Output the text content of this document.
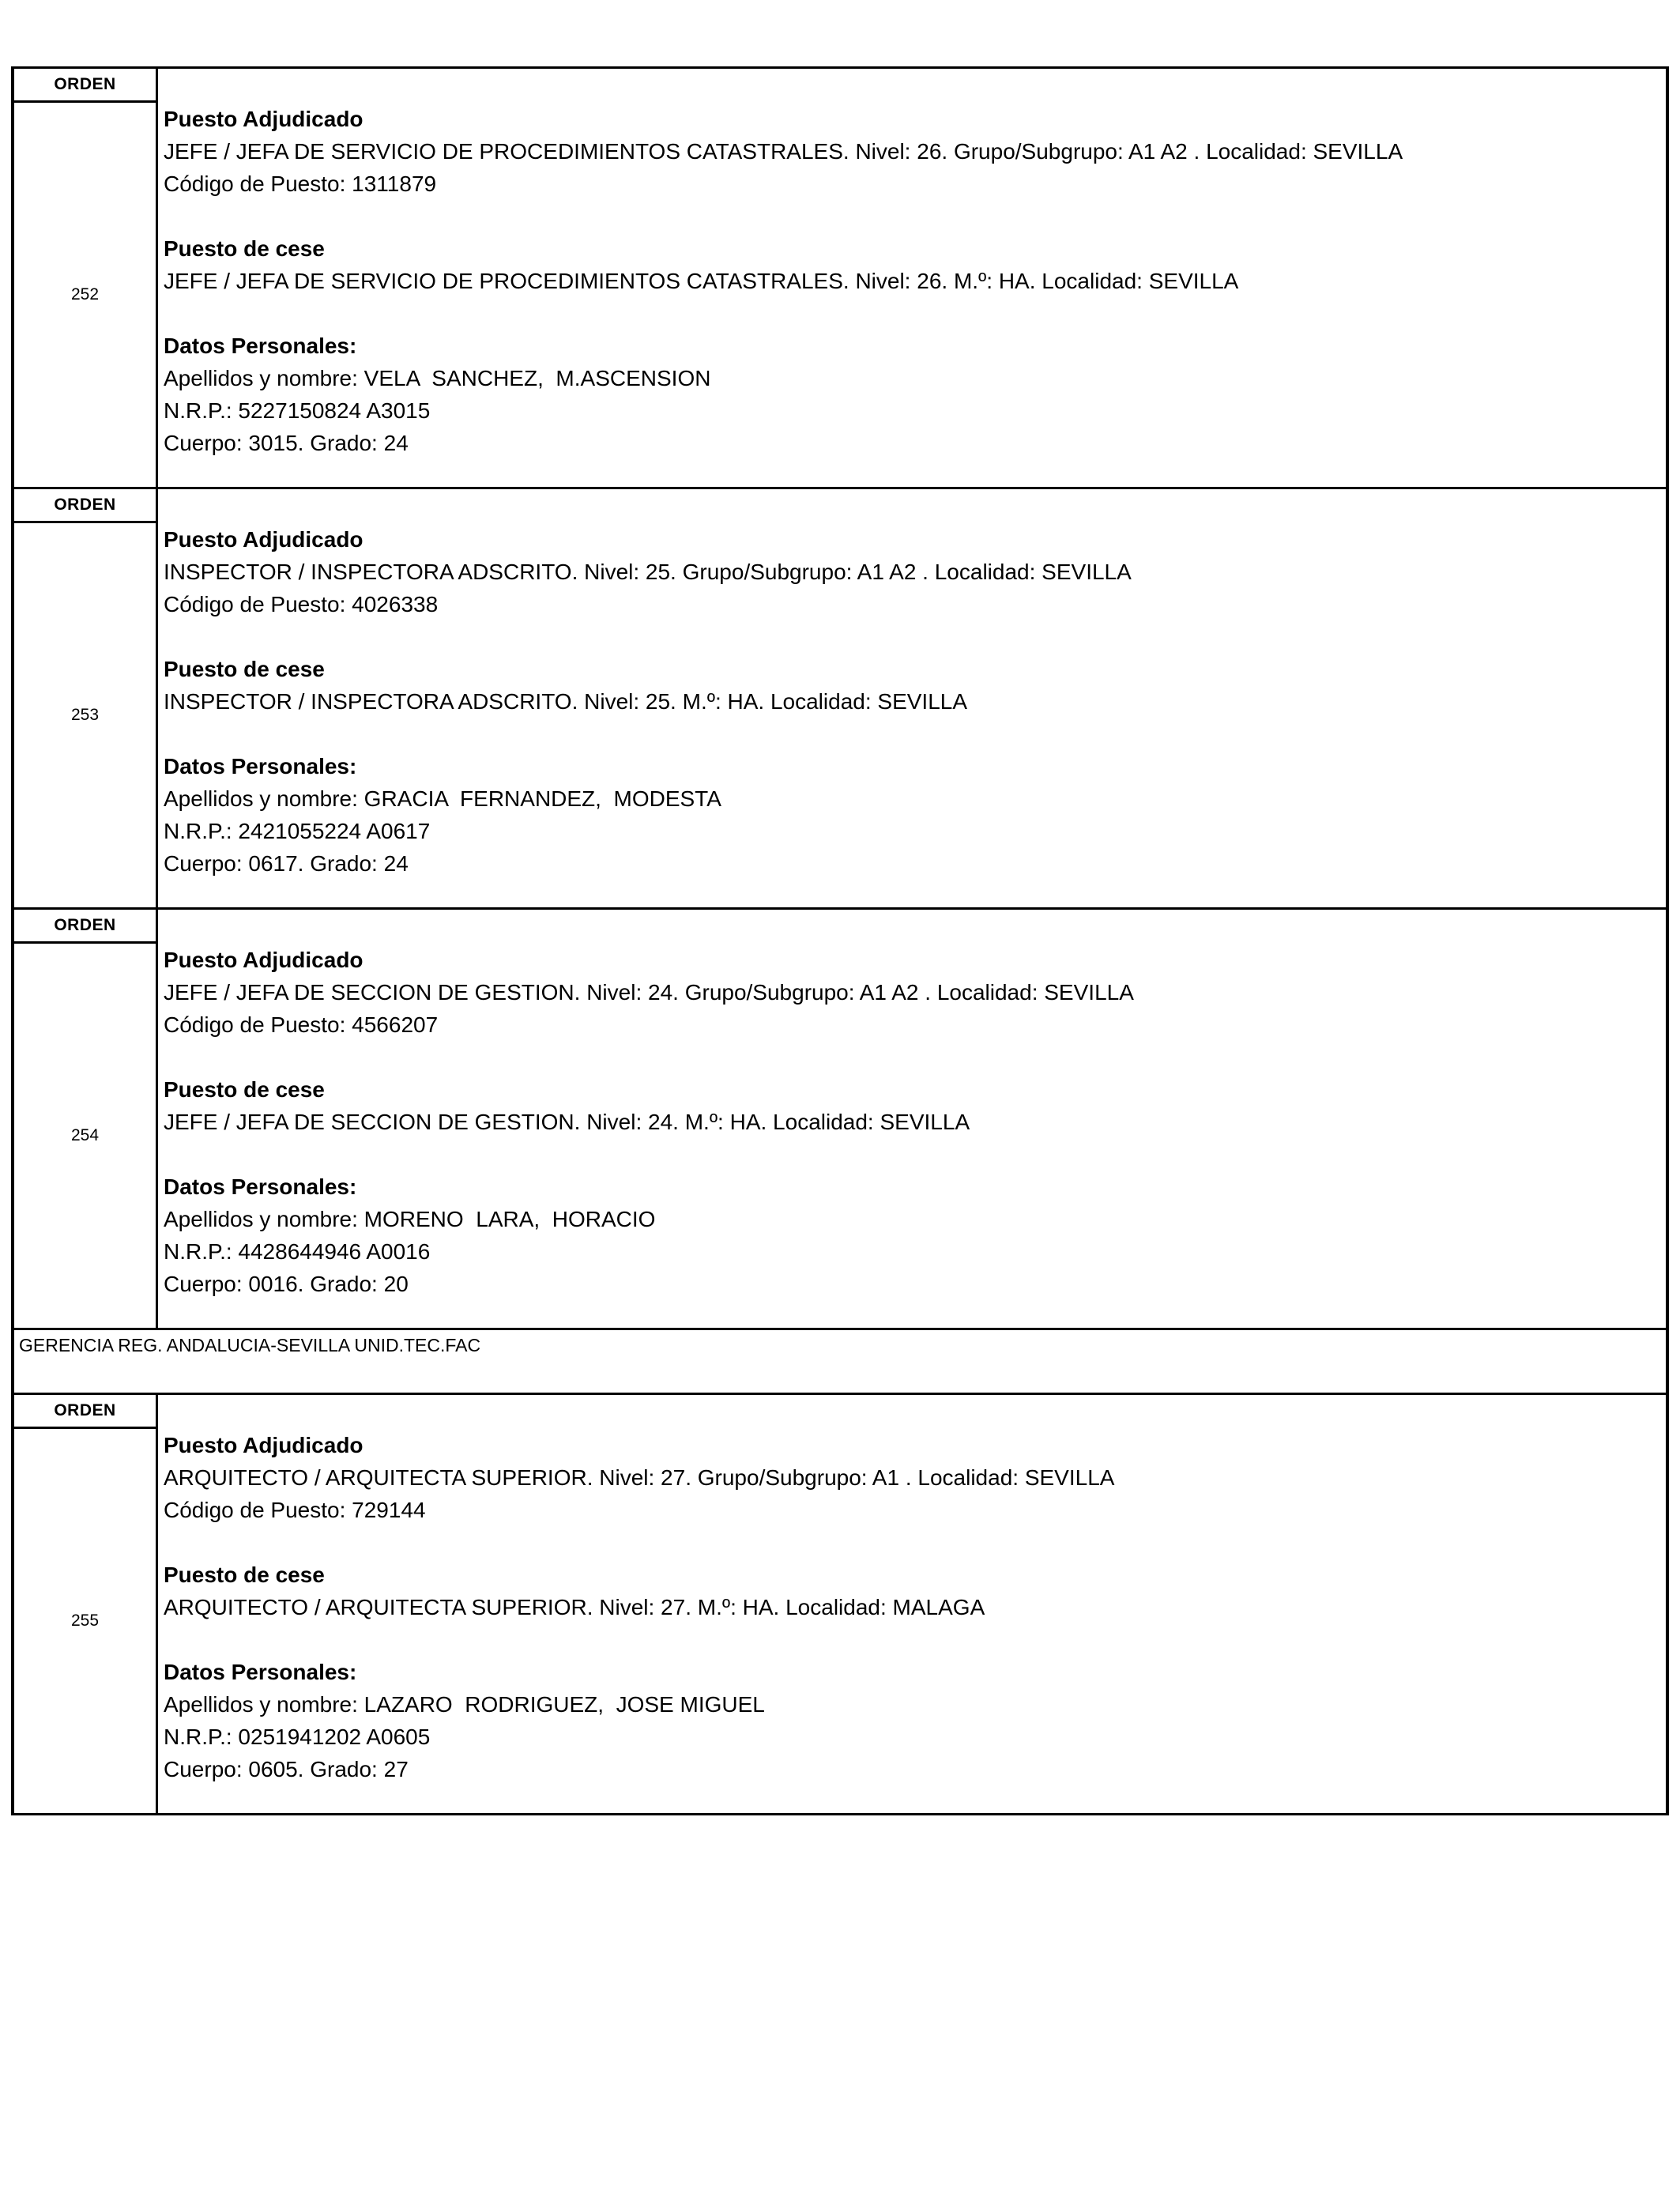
ORDEN
252
Puesto Adjudicado
JEFE / JEFA DE SERVICIO DE PROCEDIMIENTOS CATASTRALES. Nivel: 26. Grupo/Subgrupo: A1 A2 . Localidad: SEVILLA
Código de Puesto: 1311879
Puesto de cese
JEFE / JEFA DE SERVICIO DE PROCEDIMIENTOS CATASTRALES. Nivel: 26. M.º: HA. Localidad: SEVILLA
Datos Personales:
Apellidos y nombre: VELA  SANCHEZ,  M.ASCENSION
N.R.P.: 5227150824 A3015
Cuerpo: 3015. Grado: 24
ORDEN
253
Puesto Adjudicado
INSPECTOR / INSPECTORA ADSCRITO. Nivel: 25. Grupo/Subgrupo: A1 A2 . Localidad: SEVILLA
Código de Puesto: 4026338
Puesto de cese
INSPECTOR / INSPECTORA ADSCRITO. Nivel: 25. M.º: HA. Localidad: SEVILLA
Datos Personales:
Apellidos y nombre: GRACIA  FERNANDEZ,  MODESTA
N.R.P.: 2421055224 A0617
Cuerpo: 0617. Grado: 24
ORDEN
254
Puesto Adjudicado
JEFE / JEFA DE SECCION DE GESTION. Nivel: 24. Grupo/Subgrupo: A1 A2 . Localidad: SEVILLA
Código de Puesto: 4566207
Puesto de cese
JEFE / JEFA DE SECCION DE GESTION. Nivel: 24. M.º: HA. Localidad: SEVILLA
Datos Personales:
Apellidos y nombre: MORENO  LARA,  HORACIO
N.R.P.: 4428644946 A0016
Cuerpo: 0016. Grado: 20
GERENCIA REG. ANDALUCIA-SEVILLA UNID.TEC.FAC
ORDEN
255
Puesto Adjudicado
ARQUITECTO / ARQUITECTA SUPERIOR. Nivel: 27. Grupo/Subgrupo: A1 . Localidad: SEVILLA
Código de Puesto: 729144
Puesto de cese
ARQUITECTO / ARQUITECTA SUPERIOR. Nivel: 27. M.º: HA. Localidad: MALAGA
Datos Personales:
Apellidos y nombre: LAZARO  RODRIGUEZ,  JOSE MIGUEL
N.R.P.: 0251941202 A0605
Cuerpo: 0605. Grado: 27
